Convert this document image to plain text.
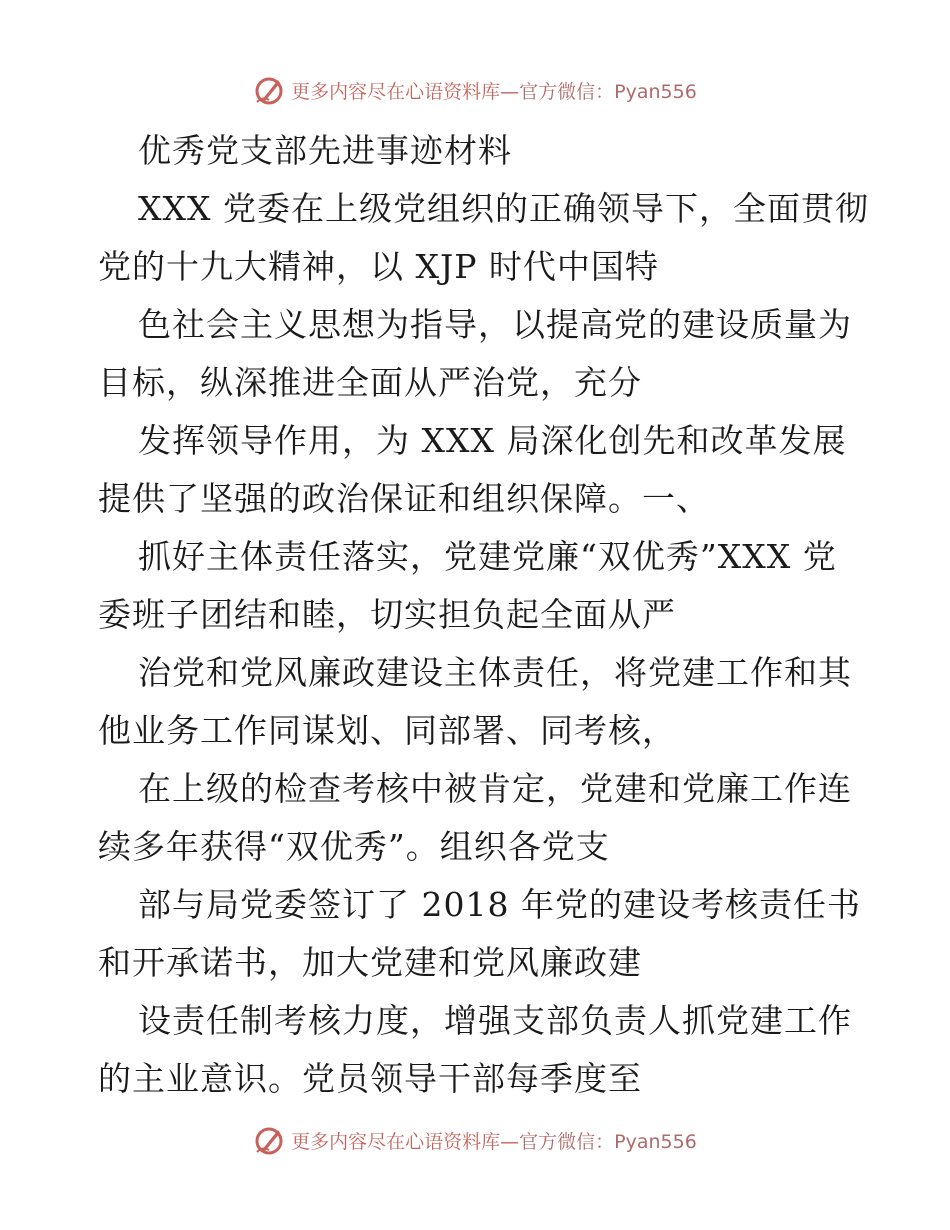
更多内容尽在心语资料库—官方微信：Pyan556
优秀党支部先进事迹材料
XXX 党委在上级党组织的正确领导下，全面贯彻
党的十九大精神，以 XJP 时代中国特
色社会主义思想为指导，以提高党的建设质量为
目标，纵深推进全面从严治党，充分
发挥领导作用，为 XXX 局深化创先和改革发展
提供了坚强的政治保证和组织保障。一、
抓好主体责任落实，党建党廉“双优秀”XXX 党
委班子团结和睦，切实担负起全面从严
治党和党风廉政建设主体责任，将党建工作和其
他业务工作同谋划、同部署、同考核，
在上级的检查考核中被肯定，党建和党廉工作连
续多年获得“双优秀”。组织各党支
部与局党委签订了 2018 年党的建设考核责任书
和开承诺书，加大党建和党风廉政建
设责任制考核力度，增强支部负责人抓党建工作
的主业意识。党员领导干部每季度至
更多内容尽在心语资料库—官方微信：Pyan556
